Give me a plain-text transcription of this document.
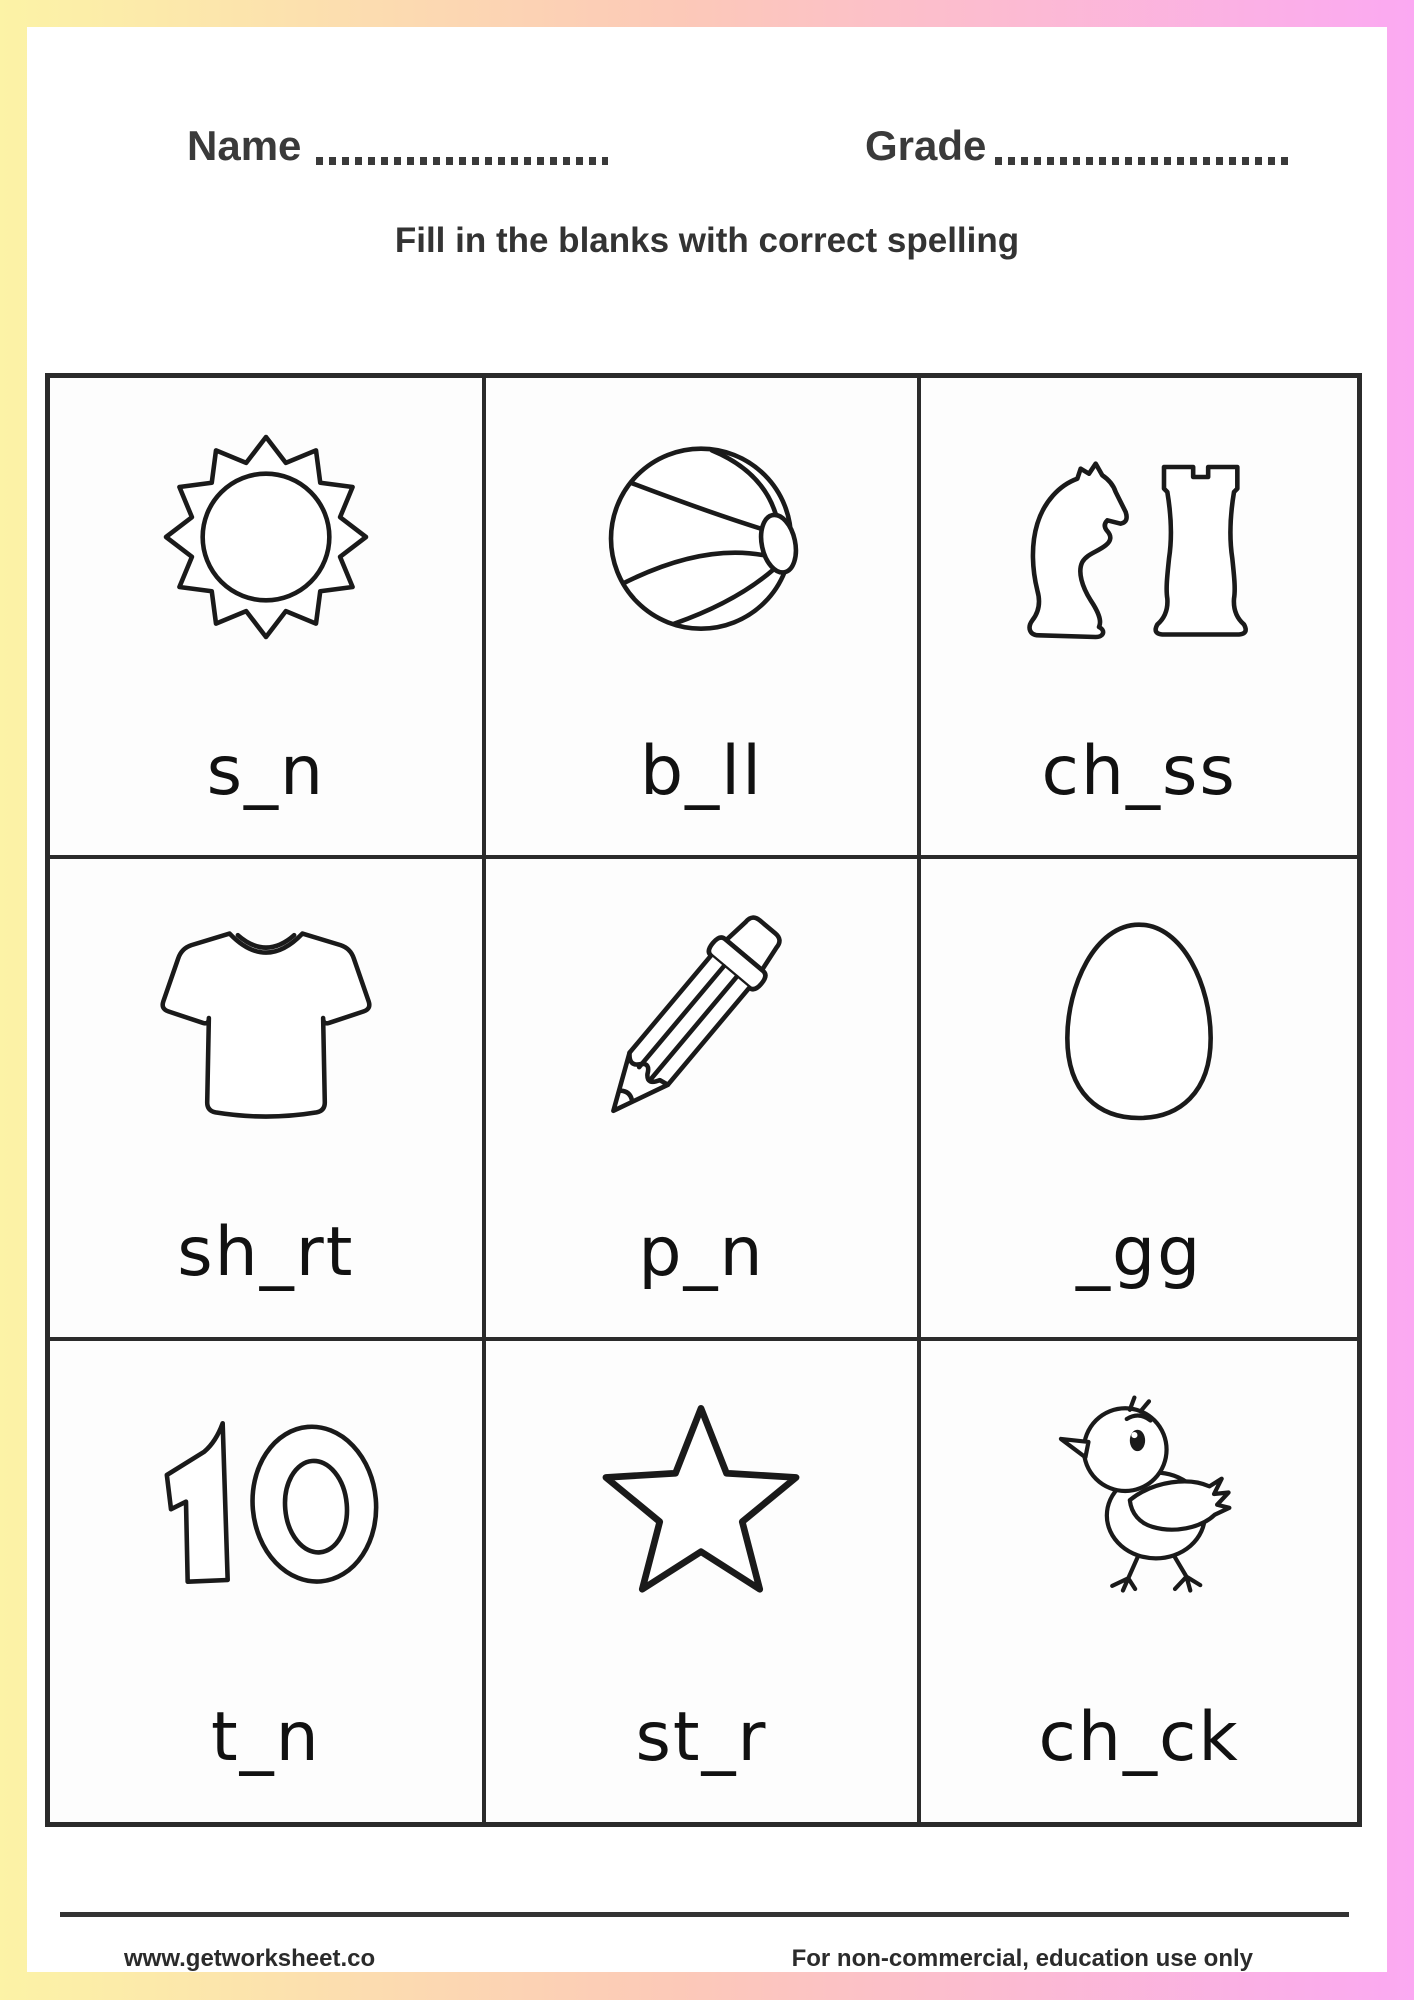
Name	Grade
Fill in the blanks with correct spelling
s_n	b_ll	ch_ss
sh_rt	p_n	_gg
t_n	st_r	ch_ck
www.getworksheet.co	For non-commercial, education use only
